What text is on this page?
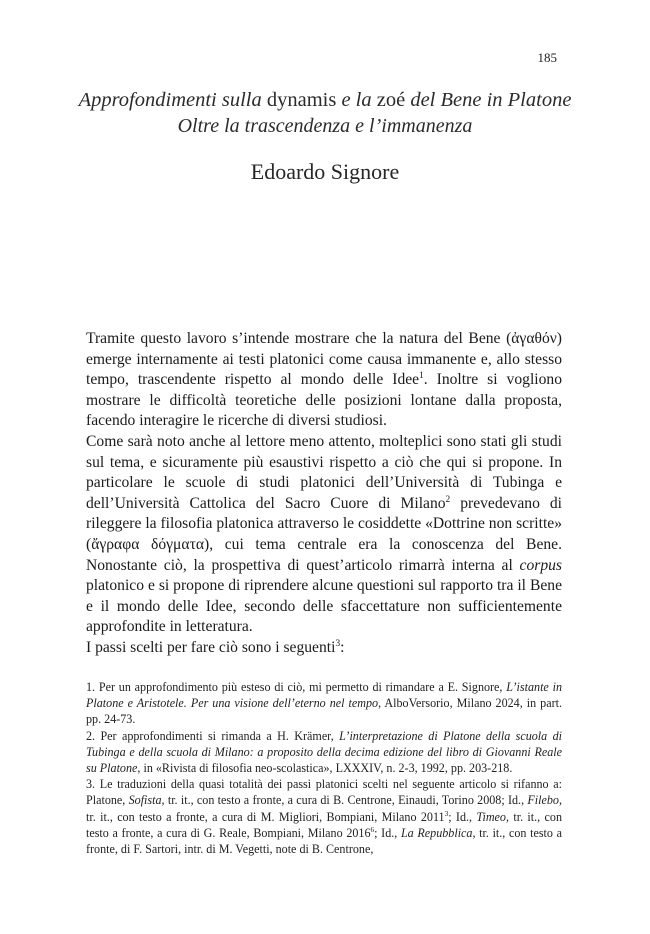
185
Approfondimenti sulla dynamis e la zoé del Bene in Platone
Oltre la trascendenza e l’immanenza
Edoardo Signore

Tramite questo lavoro s’intende mostrare che la natura del Bene (ἀγαθόν) emerge internamente ai testi platonici come causa immanente e, allo stesso tempo, trascendente rispetto al mondo delle Idee$^1$. Inoltre si vogliono mostrare le difficoltà teoretiche delle posizioni lontane dalla proposta, facendo interagire le ricerche di diversi studiosi.

Come sarà noto anche al lettore meno attento, molteplici sono stati gli studi sul tema, e sicuramente più esaustivi rispetto a ciò che qui si propone. In particolare le scuole di studi platonici dell’Università di Tubinga e dell’Università Cattolica del Sacro Cuore di Milano$^2$ prevedevano di rileggere la filosofia platonica attraverso le cosiddette «Dottrine non scritte» (ἄγραφα δόγματα), cui tema centrale era la conoscenza del Bene. Nonostante ciò, la prospettiva di quest’articolo rimarrà interna al corpus platonico e si propone di riprendere alcune questioni sul rapporto tra il Bene e il mondo delle Idee, secondo delle sfaccettature non sufficientemente approfondite in letteratura.

I passi scelti per fare ciò sono i seguenti$^3$:

1. Per un approfondimento più esteso di ciò, mi permetto di rimandare a E. Signore, L’istante in Platone e Aristotele. Per una visione dell’eterno nel tempo, AlboVersorio, Milano 2024, in part. pp. 24-73.

2. Per approfondimenti si rimanda a H. Krämer, L’interpretazione di Platone della scuola di Tubinga e della scuola di Milano: a proposito della decima edizione del libro di Giovanni Reale su Platone, in «Rivista di filosofia neo-scolastica», LXXXIV, n. 2-3, 1992, pp. 203-218.

3. Le traduzioni della quasi totalità dei passi platonici scelti nel seguente articolo si rifanno a: Platone, Sofista, tr. it., con testo a fronte, a cura di B. Centrone, Einaudi, Torino 2008; Id., Filebo, tr. it., con testo a fronte, a cura di M. Migliori, Bompiani, Milano 2011$^3$; Id., Timeo, tr. it., con testo a fronte, a cura di G. Reale, Bompiani, Milano 2016$^6$; Id., La Repubblica, tr. it., con testo a fronte, di F. Sartori, intr. di M. Vegetti, note di B. Centrone,
